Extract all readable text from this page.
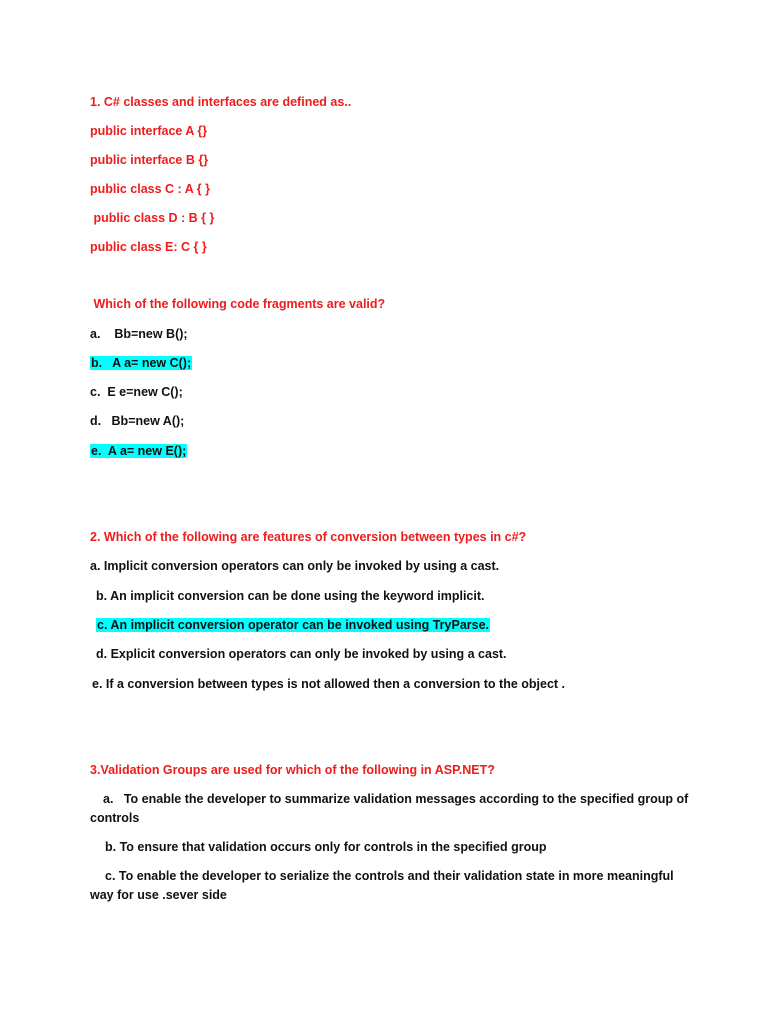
1. C# classes and interfaces are defined as..
public interface A {}
public interface B {}
public class C : A { }
public class D : B { }
public class E: C { }
Which of the following code fragments are valid?
a.    Bb=new B();
b.   A a= new C();
c.  E e=new C();
d.   Bb=new A();
e.  A a= new E();
2. Which of the following are features of conversion between types in c#?
a. Implicit conversion operators can only be invoked by using a cast.
b. An implicit conversion can be done using the keyword implicit.
c. An implicit conversion operator can be invoked using TryParse.
d. Explicit conversion operators can only be invoked by using a cast.
e. If a conversion between types is not allowed then a conversion to the object .
3.Validation Groups are used for which of the following in ASP.NET?
a.   To enable the developer to summarize validation messages according to the specified group of
controls
b. To ensure that validation occurs only for controls in the specified group
c. To enable the developer to serialize the controls and their validation state in more meaningful
way for use .sever side
